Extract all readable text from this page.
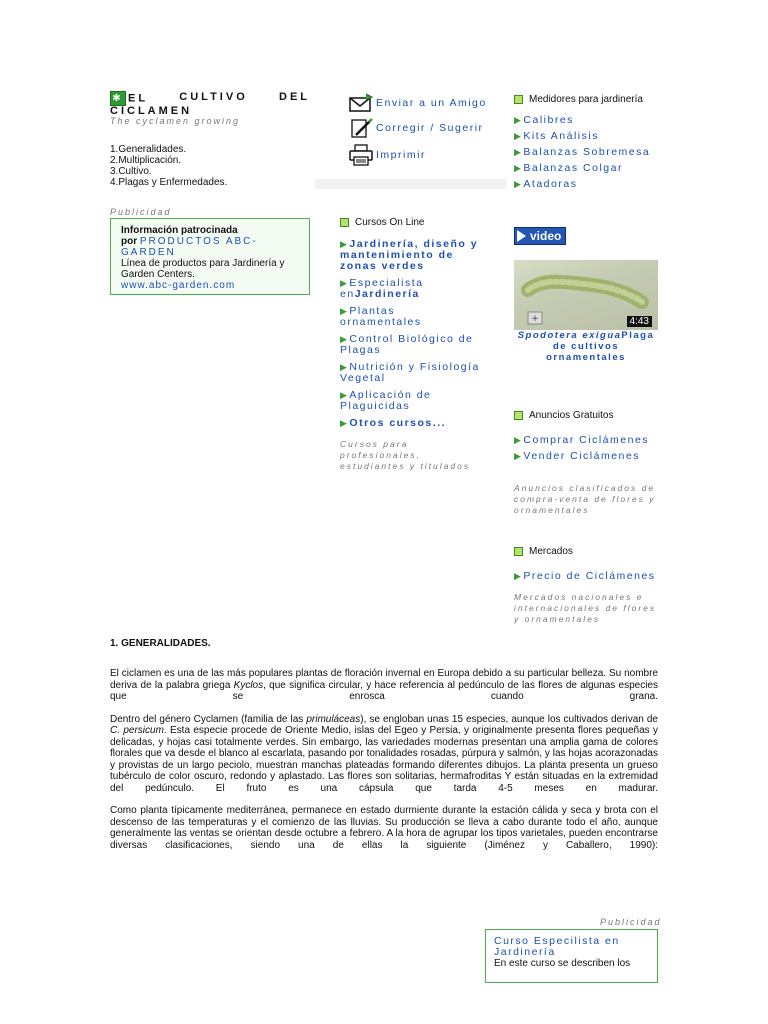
✱ EL	CULTIVO	DEL
CICLAMEN
The cyclamen growing
1.Generalidades.
2.Multiplicación.
3.Cultivo.
4.Plagas y Enfermedades.
Publicidad
Información patrocinada
por PRODUCTOS ABC-GARDEN
Línea de productos para Jardinería y Garden Centers.
www.abc-garden.com
Enviar a un Amigo
Corregir / Sugerir
Imprimir
Medidores para jardinería
▶Calibres
▶Kits Análisis
▶Balanzas Sobremesa
▶Balanzas Colgar
▶Atadoras
Cursos On Line
▶Jardinería, diseño y mantenimiento de zonas verdes
▶Especialista enJardinería
▶Plantas ornamentales
▶Control Biológico de Plagas
▶Nutrición y Fisiología Vegetal
▶Aplicación de Plaguicidas
▶Otros cursos...
Cursos para profesionales, estudiantes y titulados
video
+	4:43
Spodotera exiguaPlaga de cultivos ornamentales
Anuncios Gratuitos
▶Comprar Ciclámenes
▶Vender Ciclámenes
Anuncios clasificados de compra-venta de flores y ornamentales
Mercados
▶Precio de Ciclámenes
Mercados nacionales e internacionales de flores y ornamentales
1. GENERALIDADES.

El ciclamen es una de las más populares plantas de floración invernal en Europa debido a su particular belleza. Su nombre deriva de la palabra griega Kyclos, que significa circular, y hace referencia al pedúnculo de las flores de algunas especies que se enrosca cuando grana.

Dentro del género Cyclamen (familia de las primuláceas), se engloban unas 15 especies, aunque los cultivados derivan de C. persicum. Esta especie procede de Oriente Medio, islas del Egeo y Persia, y originalmente presenta flores pequeñas y delicadas, y hojas casi totalmente verdes. Sin embargo, las variedades modernas presentan una amplia gama de colores florales que va desde el blanco al escarlata, pasando por tonalidades rosadas, púrpura y salmón, y las hojas acorazonadas y provistas de un largo peciolo, muestran manchas plateadas formando diferentes dibujos. La planta presenta un grueso tubérculo de color oscuro, redondo y aplastado. Las flores son solitarias, hermafroditas Y están situadas en la extremidad del pedúnculo. El fruto es una cápsula que tarda 4-5 meses en madurar.

Como planta típicamente mediterránea, permanece en estado durmiente durante la estación cálida y seca y brota con el descenso de las temperaturas y el comienzo de las lluvias. Su producción se lleva a cabo durante todo el año, aunque generalmente las ventas se orientan desde octubre a febrero. A la hora de agrupar los tipos varietales, pueden encontrarse diversas clasificaciones, siendo una de ellas la siguiente (Jiménez y Caballero, 1990):

Publicidad
Curso Especilista en Jardinería
En este curso se describen los
